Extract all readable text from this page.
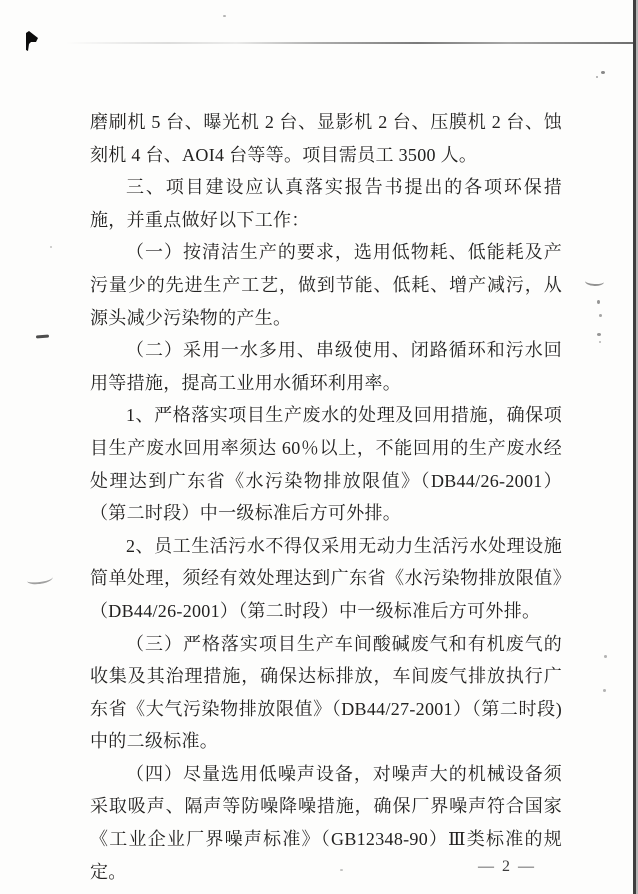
磨刷机 5 台、曝光机 2 台、显影机 2 台、压膜机 2 台、蚀刻机 4 台、AOI4 台等等。项目需员工 3500 人。

三、项目建设应认真落实报告书提出的各项环保措施，并重点做好以下工作：

（一）按清洁生产的要求，选用低物耗、低能耗及产污量少的先进生产工艺，做到节能、低耗、增产减污，从源头减少污染物的产生。

（二）采用一水多用、串级使用、闭路循环和污水回用等措施，提高工业用水循环利用率。

1、严格落实项目生产废水的处理及回用措施，确保项目生产废水回用率须达 60％以上，不能回用的生产废水经处理达到广东省《水污染物排放限值》（DB44/26-2001）（第二时段）中一级标准后方可外排。

2、员工生活污水不得仅采用无动力生活污水处理设施简单处理，须经有效处理达到广东省《水污染物排放限值》（DB44/26-2001）（第二时段）中一级标准后方可外排。

（三）严格落实项目生产车间酸碱废气和有机废气的收集及其治理措施，确保达标排放，车间废气排放执行广东省《大气污染物排放限值》（DB44/27-2001）（第二时段)中的二级标准。

（四）尽量选用低噪声设备，对噪声大的机械设备须采取吸声、隔声等防噪降噪措施，确保厂界噪声符合国家《工业企业厂界噪声标准》（GB12348-90）Ⅲ类标准的规定。	— 2 —
